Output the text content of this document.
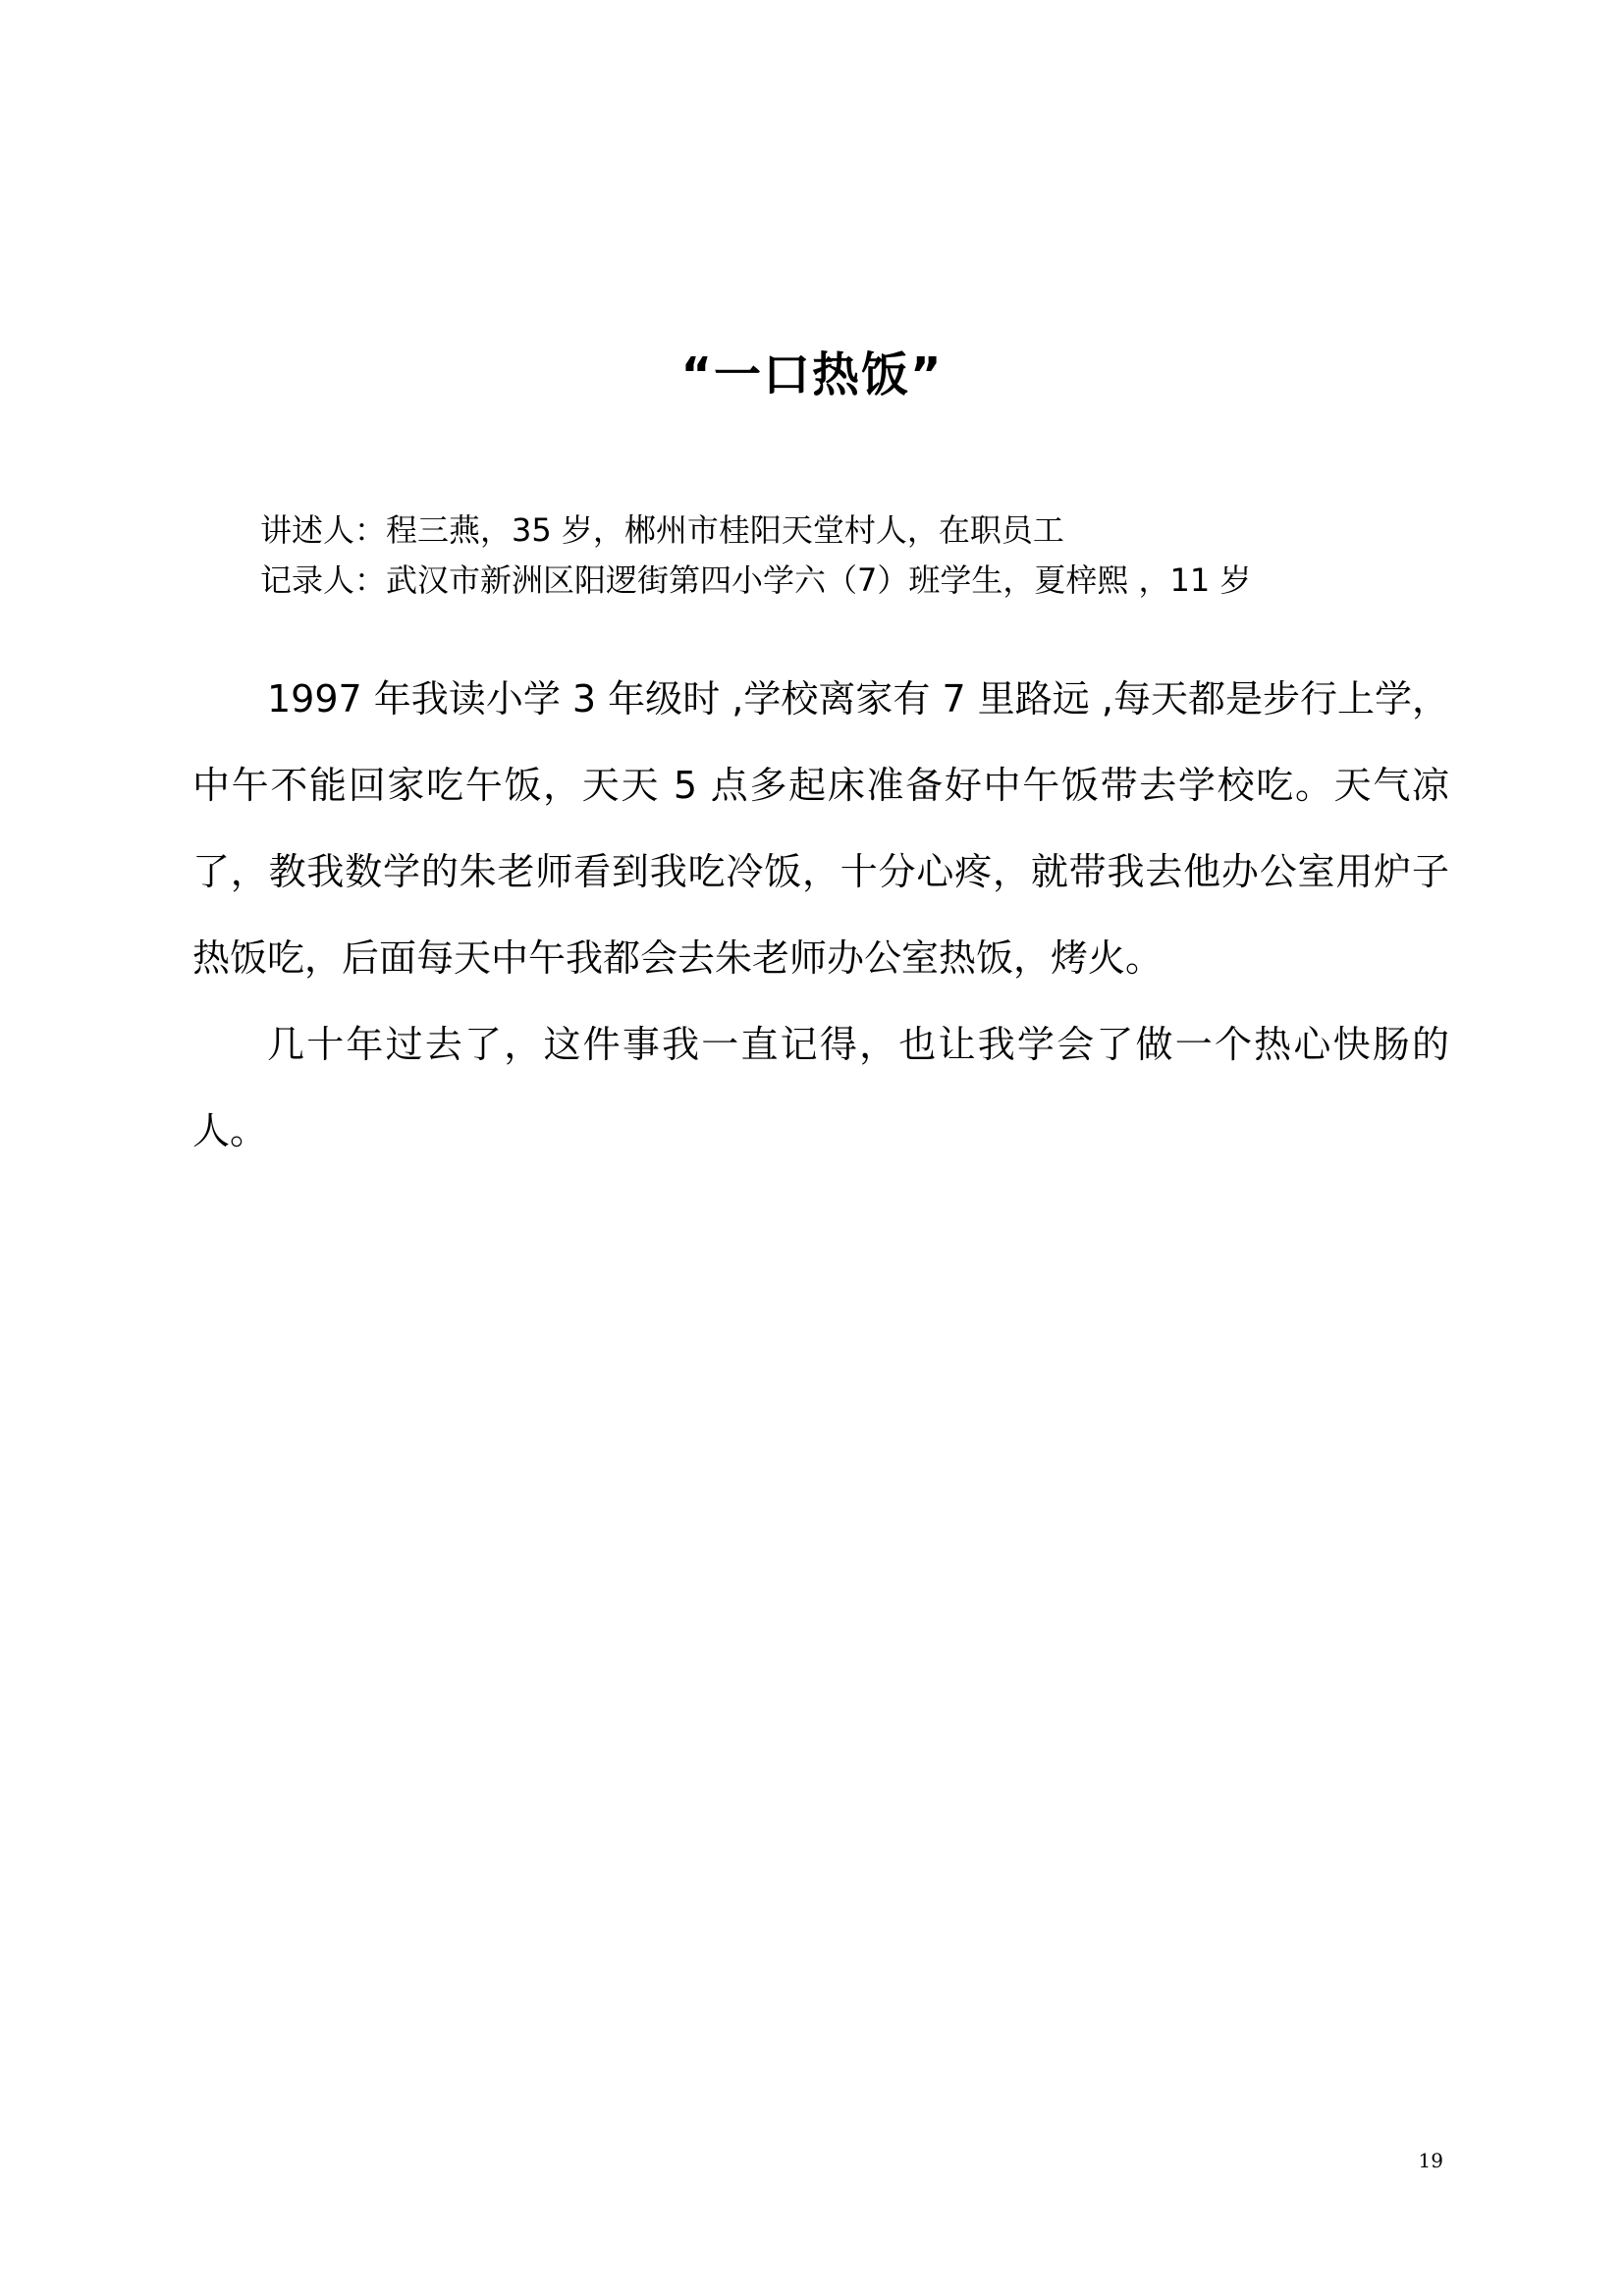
“一口热饭”
讲述人：程三燕，35 岁，郴州市桂阳天堂村人，在职员工
记录人：武汉市新洲区阳逻街第四小学六（7）班学生，夏梓熙 ，11 岁

1997 年我读小学 3 年级时 ,学校离家有 7 里路远 ,每天都是步行上学，中午不能回家吃午饭，天天 5 点多起床准备好中午饭带去学校吃。天气凉了，教我数学的朱老师看到我吃冷饭，十分心疼，就带我去他办公室用炉子热饭吃，后面每天中午我都会去朱老师办公室热饭，烤火。

几十年过去了，这件事我一直记得，也让我学会了做一个热心快肠的人。

19
